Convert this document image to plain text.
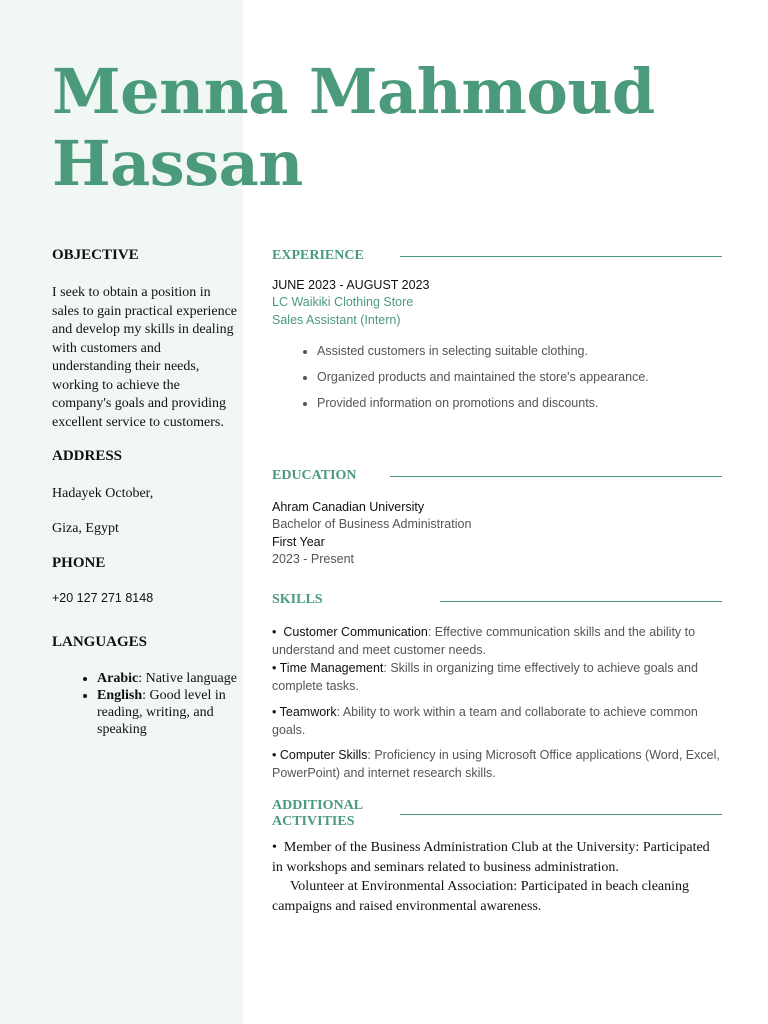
Menna Mahmoud
Hassan
OBJECTIVE

I seek to obtain a position in sales to gain practical experience and develop my skills in dealing with customers and understanding their needs, working to achieve the company's goals and providing excellent service to customers.

ADDRESS

Hadayek October,

Giza, Egypt

PHONE

+20 127 271 8148

LANGUAGES
• Arabic: Native language
• English: Good level in reading, writing, and speaking
EXPERIENCE

JUNE 2023 - AUGUST 2023

LC Waikiki Clothing Store

Sales Assistant (Intern)

• Assisted customers in selecting suitable clothing.
• Organized products and maintained the store's appearance.
• Provided information on promotions and discounts.
EDUCATION

Ahram Canadian University

Bachelor of Business Administration

First Year

2023 - Present

SKILLS

•  Customer Communication: Effective communication skills and the ability to understand and meet customer needs.

• Time Management: Skills in organizing time effectively to achieve goals and complete tasks.

• Teamwork: Ability to work within a team and collaborate to achieve common goals.

• Computer Skills: Proficiency in using Microsoft Office applications (Word, Excel, PowerPoint) and internet research skills.

ADDITIONAL
ACTIVITIES

•  Member of the Business Administration Club at the University: Participated in workshops and seminars related to business administration.

Volunteer at Environmental Association: Participated in beach cleaning campaigns and raised environmental awareness.
